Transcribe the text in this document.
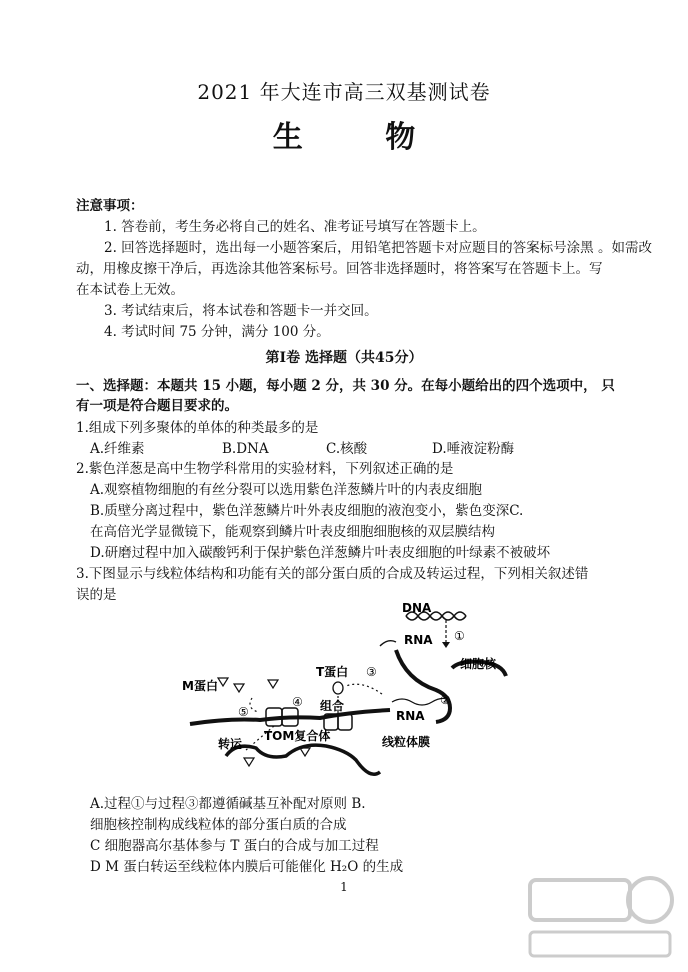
2021 年大连市高三双基测试卷
生 物
注意事项：
1. 答卷前，考生务必将自己的姓名、准考证号填写在答题卡上。
2. 回答选择题时，选出每一小题答案后，用铅笔把答题卡对应题目的答案标号涂黑 。如需改
动，用橡皮擦干净后，再选涂其他答案标号。回答非选择题时，将答案写在答题卡上。写
在本试卷上无效。
3. 考试结束后，将本试卷和答题卡一并交回。
4. 考试时间 75 分钟，满分 100 分。
第Ⅰ卷 选择题（共45分）
一、选择题：本题共 15 小题，每小题 2 分，共 30 分。在每小题给出的四个选项中， 只
有一项是符合题目要求的。
1.组成下列多聚体的单体的种类最多的是
A.纤维素	B.DNA	C.核酸	D.唾液淀粉酶
2.紫色洋葱是高中生物学科常用的实验材料，下列叙述正确的是
A.观察植物细胞的有丝分裂可以选用紫色洋葱鳞片叶的内表皮细胞
B.质壁分离过程中，紫色洋葱鳞片叶外表皮细胞的液泡变小，紫色变深C.
在高倍光学显微镜下，能观察到鳞片叶表皮细胞细胞核的双层膜结构
D.研磨过程中加入碳酸钙利于保护紫色洋葱鳞片叶表皮细胞的叶绿素不被破坏
3.下图显示与线粒体结构和功能有关的部分蛋白质的合成及转运过程，下列相关叙述错
误的是
DNA
RNA ①
细胞核
RNA
②
T蛋白 ③
组合
M蛋白
④
⑤
转运
TOM复合体	线粒体膜
A.过程①与过程③都遵循碱基互补配对原则 B.
细胞核控制构成线粒体的部分蛋白质的合成
C 细胞器高尔基体参与 T 蛋白的合成与加工过程
D M 蛋白转运至线粒体内膜后可能催化 H₂O 的生成
1
